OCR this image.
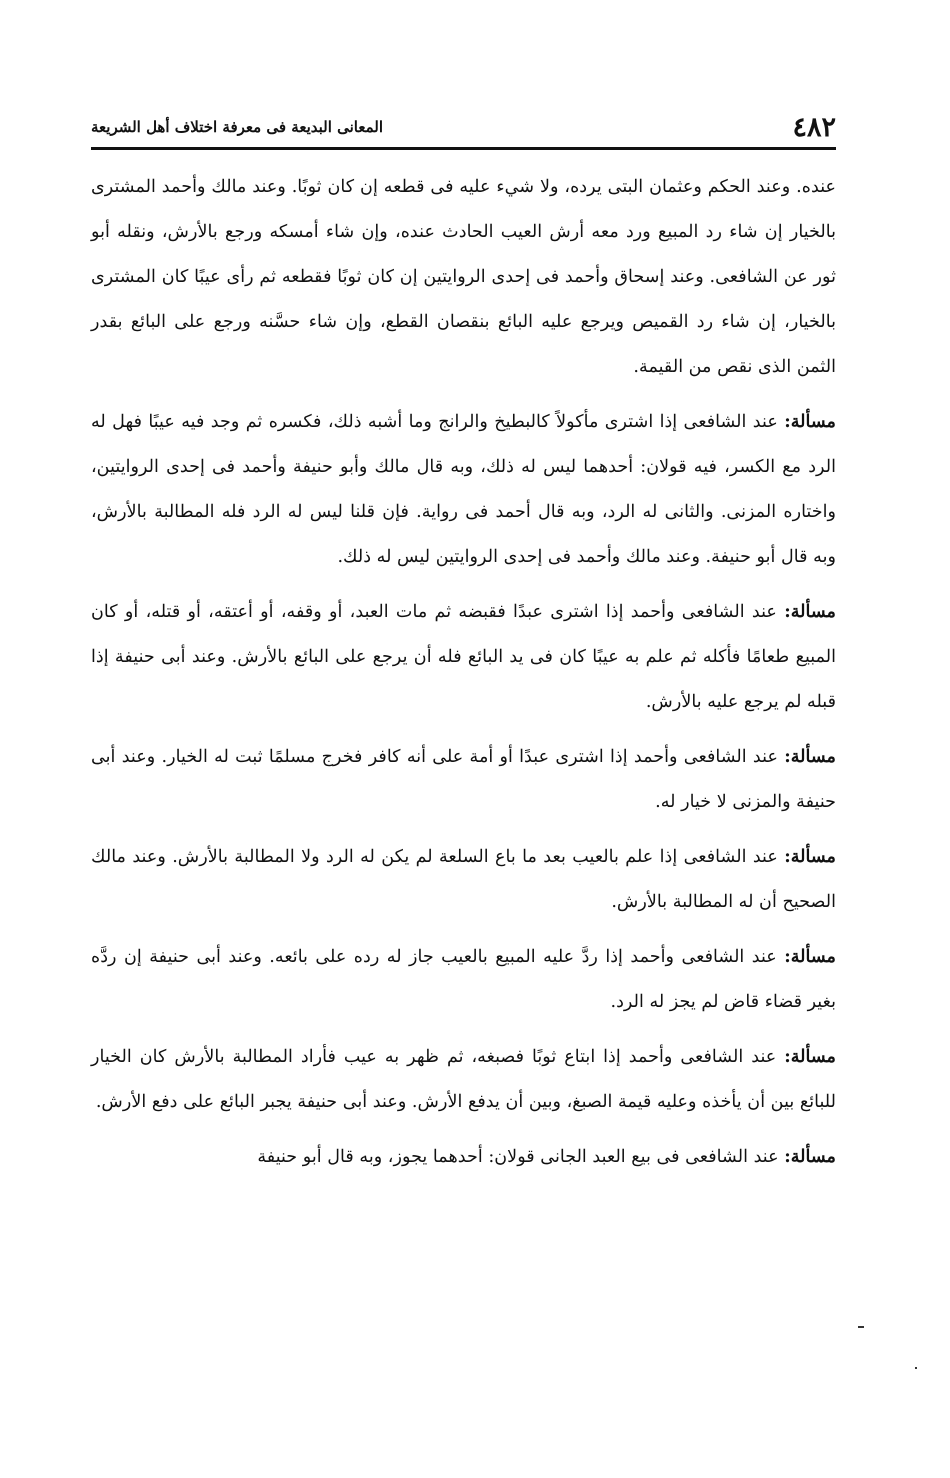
٤٨٢
المعانى البديعة فى معرفة اختلاف أهل الشريعة

عنده. وعند الحكم وعثمان البتى يرده، ولا شيء عليه فى قطعه إن كان ثوبًا. وعند مالك وأحمد المشترى بالخيار إن شاء رد المبيع ورد معه أرش العيب الحادث عنده، وإن شاء أمسكه ورجع بالأرش، ونقله أبو ثور عن الشافعى. وعند إسحاق وأحمد فى إحدى الروايتين إن كان ثوبًا فقطعه ثم رأى عيبًا كان المشترى بالخيار، إن شاء رد القميص ويرجع عليه البائع بنقصان القطع، وإن شاء حسَّنه ورجع على البائع بقدر الثمن الذى نقص من القيمة.

مسألة: عند الشافعى إذا اشترى مأكولاً كالبطيخ والرانج وما أشبه ذلك، فكسره ثم وجد فيه عيبًا فهل له الرد مع الكسر، فيه قولان: أحدهما ليس له ذلك، وبه قال مالك وأبو حنيفة وأحمد فى إحدى الروايتين، واختاره المزنى. والثانى له الرد، وبه قال أحمد فى رواية. فإن قلنا ليس له الرد فله المطالبة بالأرش، وبه قال أبو حنيفة. وعند مالك وأحمد فى إحدى الروايتين ليس له ذلك.

مسألة: عند الشافعى وأحمد إذا اشترى عبدًا فقبضه ثم مات العبد، أو وقفه، أو أعتقه، أو قتله، أو كان المبيع طعامًا فأكله ثم علم به عيبًا كان فى يد البائع فله أن يرجع على البائع بالأرش. وعند أبى حنيفة إذا قبله لم يرجع عليه بالأرش.

مسألة: عند الشافعى وأحمد إذا اشترى عبدًا أو أمة على أنه كافر فخرج مسلمًا ثبت له الخيار. وعند أبى حنيفة والمزنى لا خيار له.

مسألة: عند الشافعى إذا علم بالعيب بعد ما باع السلعة لم يكن له الرد ولا المطالبة بالأرش. وعند مالك الصحيح أن له المطالبة بالأرش.

مسألة: عند الشافعى وأحمد إذا ردَّ عليه المبيع بالعيب جاز له رده على بائعه. وعند أبى حنيفة إن ردَّه بغير قضاء قاض لم يجز له الرد.

مسألة: عند الشافعى وأحمد إذا ابتاع ثوبًا فصبغه، ثم ظهر به عيب فأراد المطالبة بالأرش كان الخيار للبائع بين أن يأخذه وعليه قيمة الصبغ، وبين أن يدفع الأرش. وعند أبى حنيفة يجبر البائع على دفع الأرش.

مسألة: عند الشافعى فى بيع العبد الجانى قولان: أحدهما يجوز، وبه قال أبو حنيفة
